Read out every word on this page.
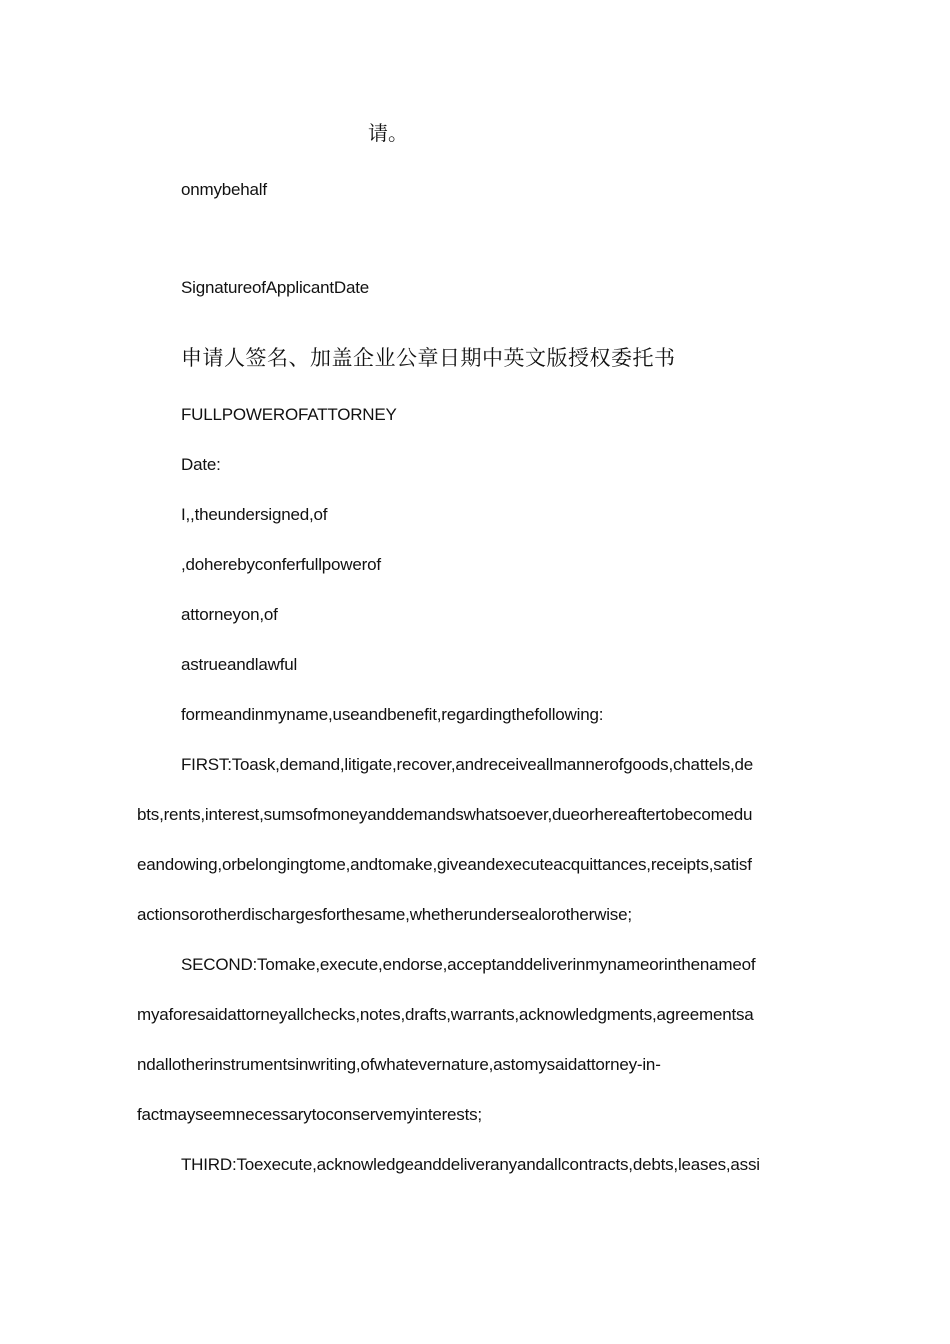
请。
onmybehalf
SignatureofApplicantDate
申请人签名、加盖企业公章日期中英文版授权委托书
FULLPOWEROFATTORNEY
Date:
I,,theundersigned,of
,doherebyconferfullpowerof
attorneyon,of
astrueandlawful
formeandinmyname,useandbenefit,regardingthefollowing:
FIRST:Toask,demand,litigate,recover,andreceiveallmannerofgoods,chattels,de
bts,rents,interest,sumsofmoneyanddemandswhatsoever,dueorhereaftertobecomedu
eandowing,orbelongingtome,andtomake,giveandexecuteacquittances,receipts,satisf
actionsorotherdischargesforthesame,whetherundersealorotherwise;
SECOND:Tomake,execute,endorse,acceptanddeliverinmynameorinthenameof
myaforesaidattorneyallchecks,notes,drafts,warrants,acknowledgments,agreementsa
ndallotherinstrumentsinwriting,ofwhatevernature,astomysaidattorney-in-
factmayseemnecessarytoconservemyinterests;
THIRD:Toexecute,acknowledgeanddeliveranyandallcontracts,debts,leases,assi
